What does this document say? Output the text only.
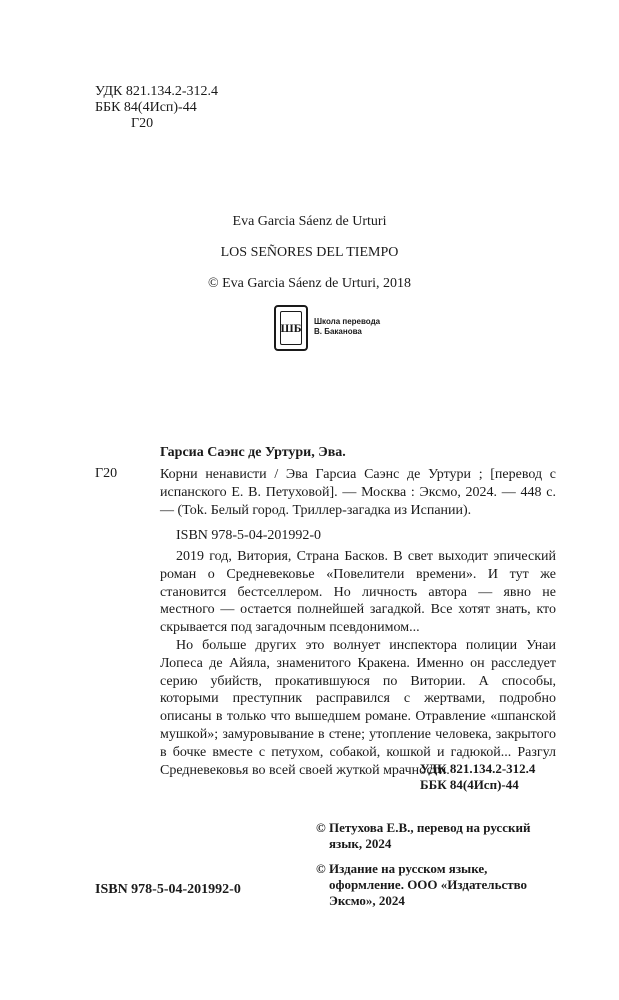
УДК 821.134.2-312.4
ББК 84(4Исп)-44
Г20
Eva Garcia Sáenz de Urturi
LOS SEÑORES DEL TIEMPO
© Eva Garcia Sáenz de Urturi, 2018
ШБ Школа перевода
В. Баканова
Гарсиа Саэнс де Уртури, Эва.
Г20	Корни ненависти / Эва Гарсиа Саэнс де Уртури ; [перевод с испанского Е. В. Петуховой]. — Москва : Эксмо, 2024. — 448 с. — (Tok. Белый город. Триллер-загадка из Испании).
ISBN 978-5-04-201992-0

2019 год, Витория, Страна Басков. В свет выходит эпический роман о Средневековье «Повелители времени». И тут же становится бестселлером. Но личность автора — явно не местного — остается полнейшей загадкой. Все хотят знать, кто скрывается под загадочным псевдонимом...

Но больше других это волнует инспектора полиции Унаи Лопеса де Айяла, знаменитого Кракена. Именно он расследует серию убийств, прокатившуюся по Витории. А способы, которыми преступник расправился с жертвами, подробно описаны в только что вышедшем романе. Отравление «шпанской мушкой»; замуровывание в стене; утопление человека, закрытого в бочке вместе с петухом, собакой, кошкой и гадюкой... Разгул Средневековья во всей своей жуткой мрачности.

УДК 821.134.2-312.4
ББК 84(4Исп)-44
© Петухова Е.В., перевод на русский язык, 2024
© Издание на русском языке, оформление. ООО «Издательство Эксмо», 2024
ISBN 978-5-04-201992-0
